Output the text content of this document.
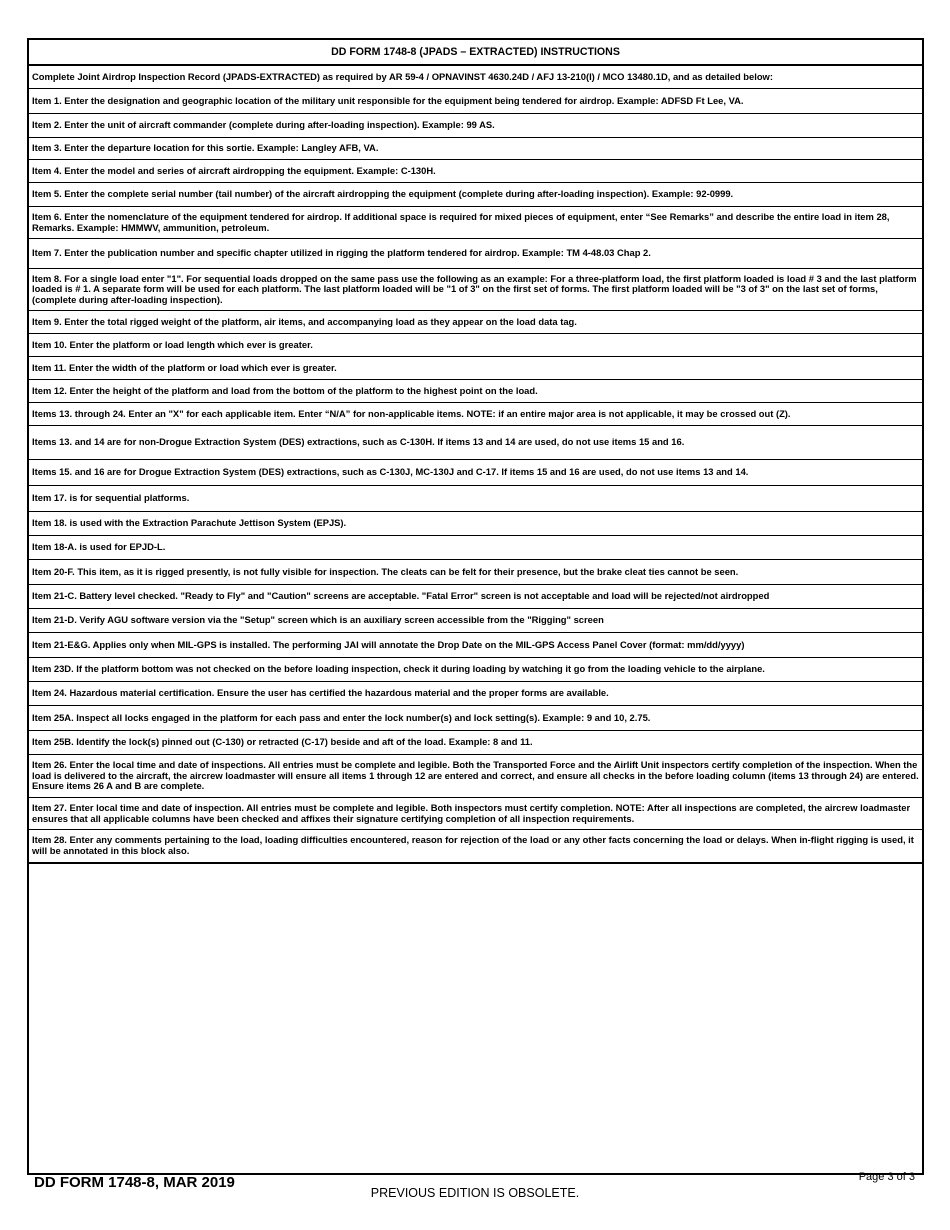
DD FORM 1748-8 (JPADS – EXTRACTED) INSTRUCTIONS
Complete Joint Airdrop Inspection Record (JPADS-EXTRACTED) as required by AR 59-4 / OPNAVINST 4630.24D / AFJ 13-210(I) / MCO 13480.1D, and as detailed below:
Item 1. Enter the designation and geographic location of the military unit responsible for the equipment being tendered for airdrop. Example: ADFSD Ft Lee, VA.
Item 2. Enter the unit of aircraft commander (complete during after-loading inspection). Example: 99 AS.
Item 3. Enter the departure location for this sortie. Example: Langley AFB, VA.
Item 4. Enter the model and series of aircraft airdropping the equipment. Example: C-130H.
Item 5. Enter the complete serial number (tail number) of the aircraft airdropping the equipment (complete during after-loading inspection). Example: 92-0999.
Item 6. Enter the nomenclature of the equipment tendered for airdrop. If additional space is required for mixed pieces of equipment, enter “See Remarks” and describe the entire load in item 28, Remarks. Example: HMMWV, ammunition, petroleum.
Item 7. Enter the publication number and specific chapter utilized in rigging the platform tendered for airdrop. Example: TM 4-48.03 Chap 2.
Item 8. For a single load enter "1". For sequential loads dropped on the same pass use the following as an example: For a three-platform load, the first platform loaded is load # 3 and the last platform loaded is # 1. A separate form will be used for each platform. The last platform loaded will be "1 of 3" on the first set of forms. The first platform loaded will be "3 of 3" on the last set of forms, (complete during after-loading inspection).
Item 9. Enter the total rigged weight of the platform, air items, and accompanying load as they appear on the load data tag.
Item 10. Enter the platform or load length which ever is greater.
Item 11. Enter the width of the platform or load which ever is greater.
Item 12. Enter the height of the platform and load from the bottom of the platform to the highest point on the load.
Items 13. through 24. Enter an "X" for each applicable item. Enter “N/A” for non-applicable items. NOTE: if an entire major area is not applicable, it may be crossed out (Z).
Items 13. and 14 are for non-Drogue Extraction System (DES) extractions, such as C-130H. If items 13 and 14 are used, do not use items 15 and 16.
Items 15. and 16 are for Drogue Extraction System (DES) extractions, such as C-130J, MC-130J and C-17. If items 15 and 16 are used, do not use items 13 and 14.
Item 17. is for sequential platforms.
Item 18. is used with the Extraction Parachute Jettison System (EPJS).
Item 18-A. is used for EPJD-L.
Item 20-F. This item, as it is rigged presently, is not fully visible for inspection. The cleats can be felt for their presence, but the brake cleat ties cannot be seen.
Item 21-C. Battery level checked. "Ready to Fly" and "Caution" screens are acceptable. "Fatal Error" screen is not acceptable and load will be rejected/not airdropped
Item 21-D. Verify AGU software version via the "Setup" screen which is an auxiliary screen accessible from the "Rigging" screen
Item 21-E&G. Applies only when MIL-GPS is installed. The performing JAI will annotate the Drop Date on the MIL-GPS Access Panel Cover (format: mm/dd/yyyy)
Item 23D. If the platform bottom was not checked on the before loading inspection, check it during loading by watching it go from the loading vehicle to the airplane.
Item 24. Hazardous material certification. Ensure the user has certified the hazardous material and the proper forms are available.
Item 25A. Inspect all locks engaged in the platform for each pass and enter the lock number(s) and lock setting(s). Example: 9 and 10, 2.75.
Item 25B. Identify the lock(s) pinned out (C-130) or retracted (C-17) beside and aft of the load. Example: 8 and 11.
Item 26. Enter the local time and date of inspections. All entries must be complete and legible. Both the Transported Force and the Airlift Unit inspectors certify completion of the inspection. When the load is delivered to the aircraft, the aircrew loadmaster will ensure all items 1 through 12 are entered and correct, and ensure all checks in the before loading column (items 13 through 24) are entered. Ensure items 26 A and B are complete.
Item 27. Enter local time and date of inspection. All entries must be complete and legible. Both inspectors must certify completion. NOTE: After all inspections are completed, the aircrew loadmaster ensures that all applicable columns have been checked and affixes their signature certifying completion of all inspection requirements.
Item 28. Enter any comments pertaining to the load, loading difficulties encountered, reason for rejection of the load or any other facts concerning the load or delays. When in-flight rigging is used, it will be annotated in this block also.
DD FORM 1748-8, MAR 2019	Page 3 of 3
PREVIOUS EDITION IS OBSOLETE.
